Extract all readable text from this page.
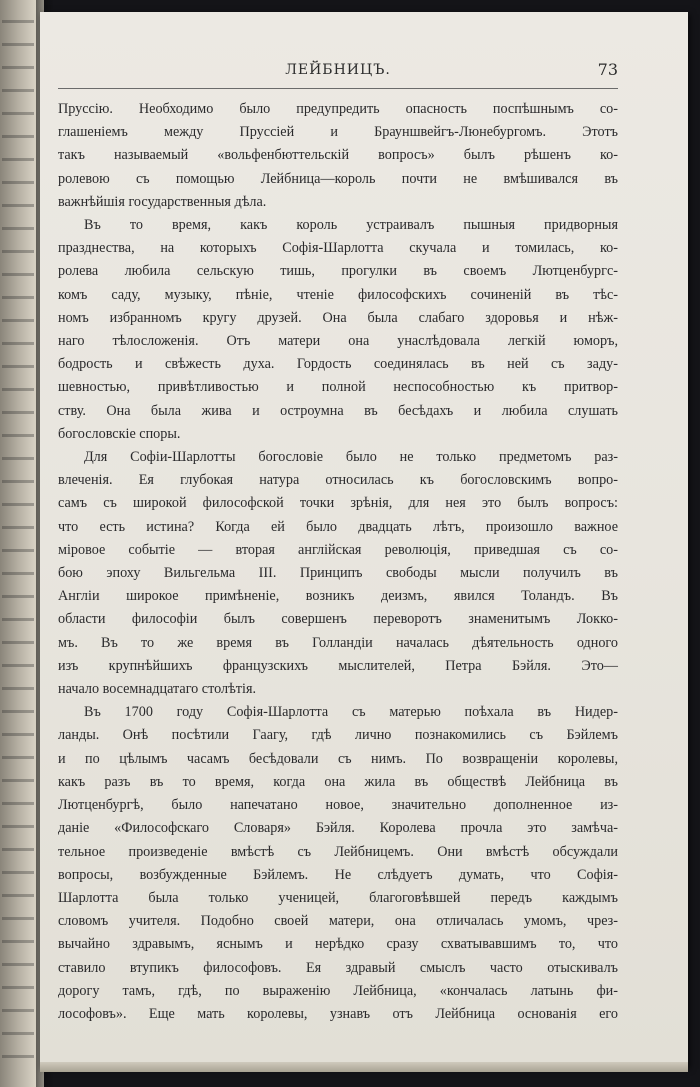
ЛЕЙБНИЦЪ.	73

Пруссію. Необходимо было предупредить опасность поспѣшнымъ со-
глашеніемъ между Пруссіей и Брауншвейгъ-Люнебургомъ. Этотъ
такъ называемый «вольфенбюттельскій вопросъ» былъ рѣшенъ ко-
ролевою съ помощью Лейбница—король почти не вмѣшивался въ
важнѣйшія государственныя дѣла.

Въ то время, какъ король устраивалъ пышныя придворныя
празднества, на которыхъ Софія-Шарлотта скучала и томилась, ко-
ролева любила сельскую тишь, прогулки въ своемъ Лютценбургс-
комъ саду, музыку, пѣніе, чтеніе философскихъ сочиненій въ тѣс-
номъ избранномъ кругу друзей. Она была слабаго здоровья и нѣж-
наго тѣлосложенія. Отъ матери она унаслѣдовала легкій юморъ,
бодрость и свѣжесть духа. Гордость соединялась въ ней съ заду-
шевностью, привѣтливостью и полной неспособностью къ притвор-
ству. Она была жива и остроумна въ бесѣдахъ и любила слушать
богословскіе споры.

Для Софіи-Шарлотты богословіе было не только предметомъ раз-
влеченія. Ея глубокая натура относилась къ богословскимъ вопро-
самъ съ широкой философской точки зрѣнія, для нея это былъ вопросъ:
что есть истина? Когда ей было двадцать лѣтъ, произошло важное
міровое событіе — вторая англійская революція, приведшая съ со-
бою эпоху Вильгельма III. Принципъ свободы мысли получилъ въ
Англіи широкое примѣненіе, возникъ деизмъ, явился Толандъ. Въ
области философіи былъ совершенъ переворотъ знаменитымъ Локко-
мъ. Въ то же время въ Голландіи началась дѣятельность одного
изъ крупнѣйшихъ французскихъ мыслителей, Петра Бэйля. Это—
начало восемнадцатаго столѣтія.

Въ 1700 году Софія-Шарлотта съ матерью поѣхала въ Нидер-
ланды. Онѣ посѣтили Гаагу, гдѣ лично познакомились съ Бэйлемъ
и по цѣлымъ часамъ бесѣдовали съ нимъ. По возвращеніи королевы,
какъ разъ въ то время, когда она жила въ обществѣ Лейбница въ
Лютценбургѣ, было напечатано новое, значительно дополненное из-
даніе «Философскаго Словаря» Бэйля. Королева прочла это замѣча-
тельное произведеніе вмѣстѣ съ Лейбницемъ. Они вмѣстѣ обсуждали
вопросы, возбужденные Бэйлемъ. Не слѣдуетъ думать, что Софія-
Шарлотта была только ученицей, благоговѣвшей передъ каждымъ
словомъ учителя. Подобно своей матери, она отличалась умомъ, чрез-
вычайно здравымъ, яснымъ и нерѣдко сразу схватывавшимъ то, что
ставило втупикъ философовъ. Ея здравый смыслъ часто отыскивалъ
дорогу тамъ, гдѣ, по выраженію Лейбница, «кончалась латынь фи-
лософовъ». Еще мать королевы, узнавъ отъ Лейбница основанія его
